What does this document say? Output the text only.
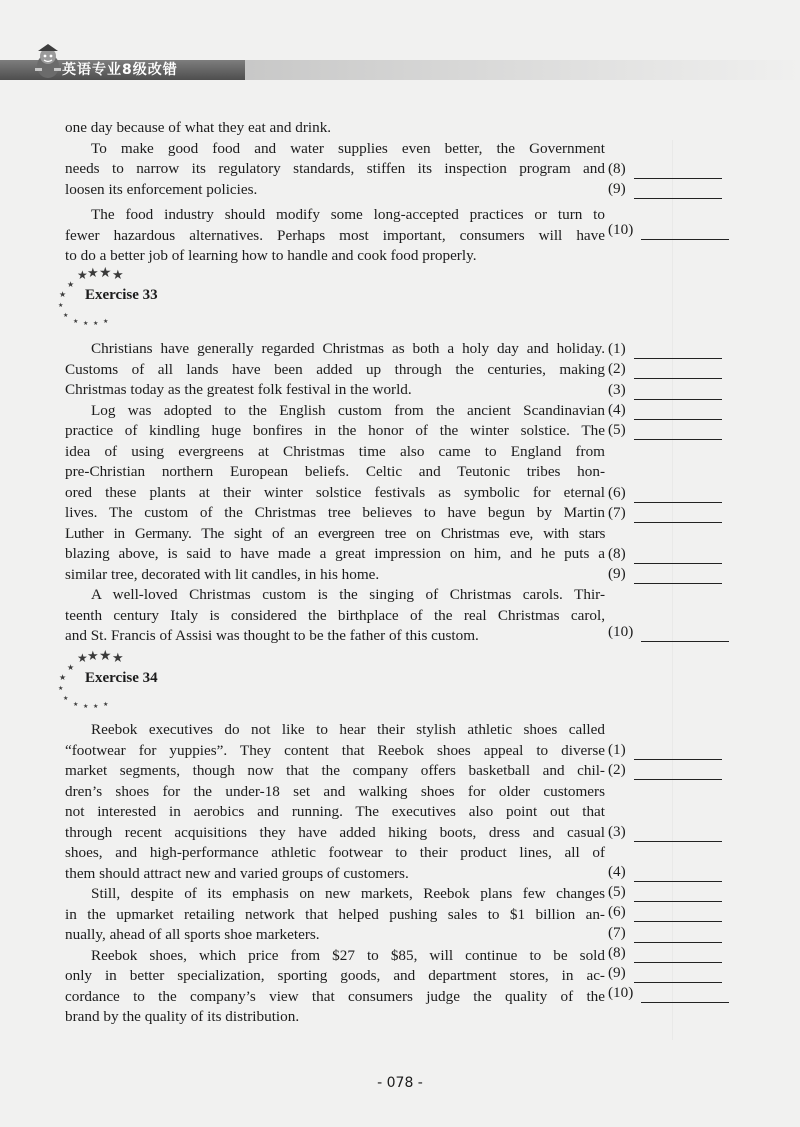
英语专业8级改错
one day because of what they eat and drink.
To make good food and water supplies even better, the Government
needs to narrow its regulatory standards, stiffen its inspection program and
loosen its enforcement policies.
The food industry should modify some long-accepted practices or turn to
fewer hazardous alternatives. Perhaps most important, consumers will have
to do a better job of learning how to handle and cook food properly.
(8)
(9)
(10)
★ ★ ★ ★
★
★
★
★
★ ★ ★ ★
Exercise 33
Christians have generally regarded Christmas as both a holy day and holiday.
Customs of all lands have been added up through the centuries, making
Christmas today as the greatest folk festival in the world.
Log was adopted to the English custom from the ancient Scandinavian
practice of kindling huge bonfires in the honor of the winter solstice. The
idea of using evergreens at Christmas time also came to England from
pre-Christian northern European beliefs. Celtic and Teutonic tribes hon-
ored these plants at their winter solstice festivals as symbolic for eternal
lives. The custom of the Christmas tree believes to have begun by Martin
Luther in Germany. The sight of an evergreen tree on Christmas eve, with stars
blazing above, is said to have made a great impression on him, and he puts a
similar tree, decorated with lit candles, in his home.
A well-loved Christmas custom is the singing of Christmas carols. Thir-
teenth century Italy is considered the birthplace of the real Christmas carol,
and St. Francis of Assisi was thought to be the father of this custom.
(1)
(2)
(3)
(4)
(5)
(6)
(7)
(8)
(9)
(10)
★ ★ ★ ★
★
★
★
★
★ ★ ★ ★
Exercise 34
Reebok executives do not like to hear their stylish athletic shoes called
“footwear for yuppies”. They content that Reebok shoes appeal to diverse
market segments, though now that the company offers basketball and chil-
dren’s shoes for the under-18 set and walking shoes for older customers
not interested in aerobics and running. The executives also point out that
through recent acquisitions they have added hiking boots, dress and casual
shoes, and high-performance athletic footwear to their product lines, all of
them should attract new and varied groups of customers.
Still, despite of its emphasis on new markets, Reebok plans few changes
in the upmarket retailing network that helped pushing sales to $1 billion an-
nually, ahead of all sports shoe marketers.
Reebok shoes, which price from $27 to $85, will continue to be sold
only in better specialization, sporting goods, and department stores, in ac-
cordance to the company’s view that consumers judge the quality of the
brand by the quality of its distribution.
(1)
(2)
(3)
(4)
(5)
(6)
(7)
(8)
(9)
(10)
- 078 -
